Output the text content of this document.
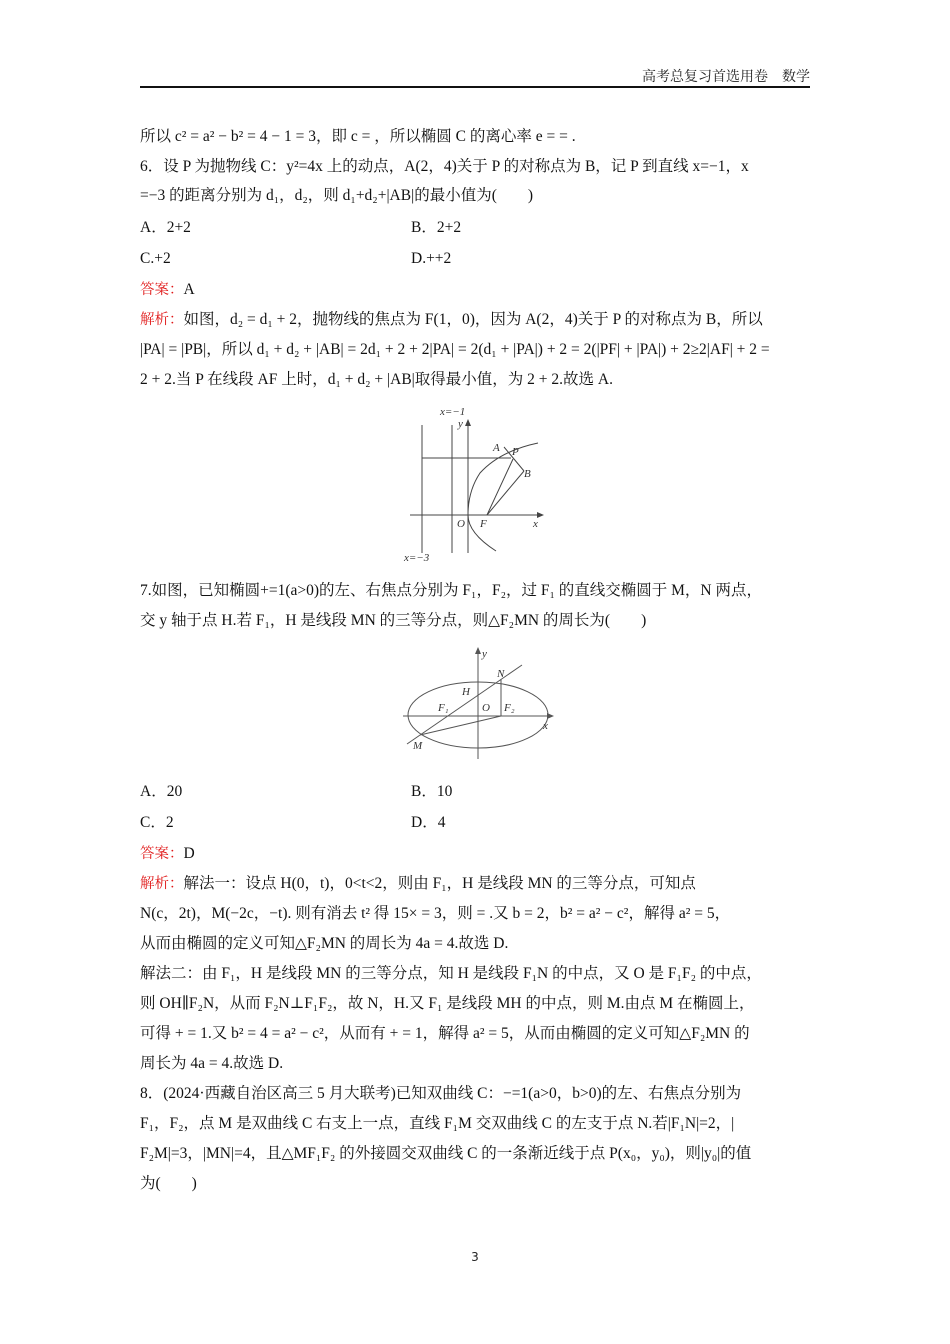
高考总复习首选用卷 数学
所以 c² = a² − b² = 4 − 1 = 3，即 c = ，所以椭圆 C 的离心率 e = = .
6．设 P 为抛物线 C：y²=4x 上的动点，A(2，4)关于 P 的对称点为 B，记 P 到直线 x=−1，x
=−3 的距离分别为 d₁，d₂，则 d₁+d₂+|AB|的最小值为(　　)
A．2+2	B．2+2
C.+2	D.++2
答案：A
解析：如图，d₂ = d₁ + 2，抛物线的焦点为 F(1，0)，因为 A(2，4)关于 P 的对称点为 B，所以
|PA| = |PB|，所以 d₁ + d₂ + |AB| = 2d₁ + 2 + 2|PA| = 2(d₁ + |PA|) + 2 = 2(|PF| + |PA|) + 2≥2|AF| + 2 =
2 + 2.当 P 在线段 AF 上时，d₁ + d₂ + |AB|取得最小值，为 2 + 2.故选 A.
x=−1
x=−3
y
x
O F
A P
B
7.如图，已知椭圆+=1(a>0)的左、右焦点分别为 F₁，F₂，过 F₁ 的直线交椭圆于 M，N 两点，
交 y 轴于点 H.若 F₁，H 是线段 MN 的三等分点，则△F₂MN 的周长为(　　)
y
x
N
H
F₁	O F₂
M
A．20	B．10
C．2	D．4
答案：D
解析：解法一：设点 H(0，t)，0<t<2，则由 F₁，H 是线段 MN 的三等分点，可知点
N(c，2t)，M(−2c，−t). 则有消去 t² 得 15× = 3，则 = .又 b = 2，b² = a² − c²，解得 a² = 5，
从而由椭圆的定义可知△F₂MN 的周长为 4a = 4.故选 D.
解法二：由 F₁，H 是线段 MN 的三等分点，知 H 是线段 F₁N 的中点，又 O 是 F₁F₂ 的中点，
则 OH∥F₂N，从而 F₂N⊥F₁F₂，故 N，H.又 F₁ 是线段 MH 的中点，则 M.由点 M 在椭圆上，
可得 + = 1.又 b² = 4 = a² − c²，从而有 + = 1，解得 a² = 5，从而由椭圆的定义可知△F₂MN 的
周长为 4a = 4.故选 D.
8．(2024·西藏自治区高三 5 月大联考)已知双曲线 C：−=1(a>0，b>0)的左、右焦点分别为
F₁，F₂，点 M 是双曲线 C 右支上一点，直线 F₁M 交双曲线 C 的左支于点 N.若|F₁N|=2，|
F₂M|=3，|MN|=4，且△MF₁F₂ 的外接圆交双曲线 C 的一条渐近线于点 P(x₀，y₀)，则|y₀|的值
为(　　)
3
